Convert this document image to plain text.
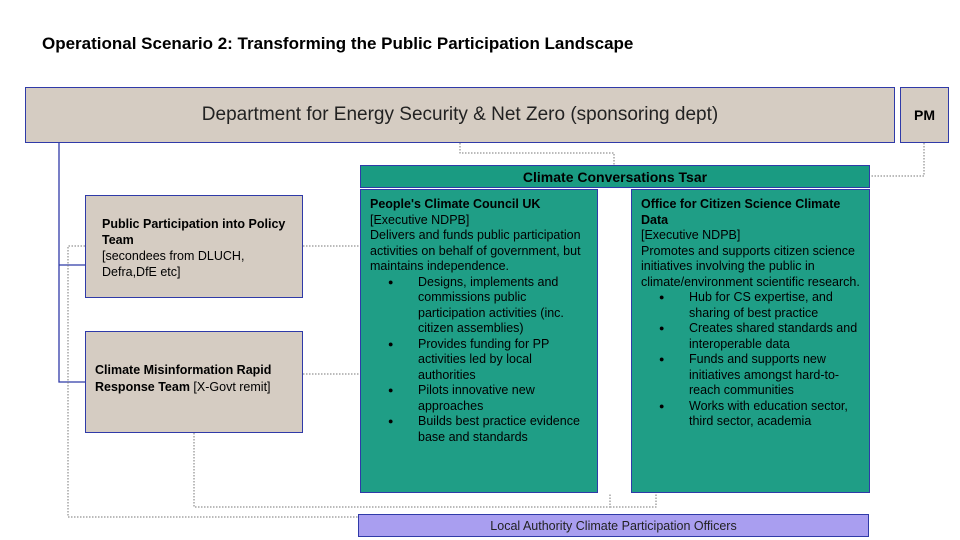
Operational Scenario 2: Transforming the Public Participation Landscape
Department for Energy Security & Net Zero (sponsoring dept)	PM
Public Participation into Policy Team
[secondees from DLUCH, Defra,DfE etc]
Climate Misinformation Rapid Response Team [X-Govt remit]
Climate Conversations Tsar
People's Climate Council UK
[Executive NDPB]
Delivers and funds public participation activities on behalf of government, but maintains independence.
● Designs, implements and commissions public participation activities (inc. citizen assemblies)
● Provides funding for PP activities led by local authorities
● Pilots innovative new approaches
● Builds best practice evidence base and standards
Office for Citizen Science Climate Data
[Executive NDPB]
Promotes and supports citizen science initiatives involving the public in climate/environment scientific research.
● Hub for CS expertise, and sharing of best practice
● Creates shared standards and interoperable data
● Funds and supports new initiatives amongst hard-to-reach communities
● Works with education sector, third sector, academia
Local Authority Climate Participation Officers
